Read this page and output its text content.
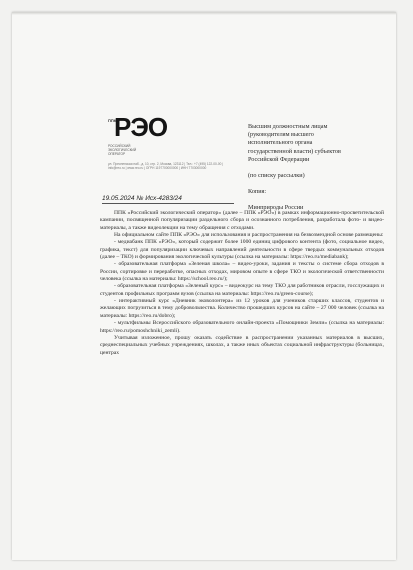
ППК
РЭО
РОССИЙСКИЙ ЭКОЛОГИЧЕСКИЙ ОПЕРАТОР
ул. Пресненская наб., д. 10, стр. 2, Москва, 123112 | Тел.: +7 (495) 122-00-00 | info@reo.ru | www.reo.ru | ОГРН 1197700000000 | ИНН 7703000000
Высшим должностным лицам
(руководителям высшего
исполнительного органа
государственной власти) субъектов
Российской Федерации
(по списку рассылки)
Копия:
Минприроды России
19.05.2024 № Исх-4283/24

ППК «Российский экологический оператор» (далее – ППК «РЭО») в рамках информационно-просветительской кампании, посвященной популяризации раздельного сбора и осознанного потребления, разработала фото- и видео-материалы, а также видеолекции на тему обращения с отходами.

На официальном сайте ППК «РЭО» для использования и распространения на безвозмездной основе размещены:

- медиабанк ППК «РЭО», который содержит более 1000 единиц цифрового контента (фото, социальное видео, графика, текст) для популяризации ключевых направлений деятельности в сфере твердых коммунальных отходов (далее – ТКО) и формирования экологической культуры (ссылка на материалы: https://reo.ru/mediabank);

- образовательная платформа «Зеленая школа» – видео-уроки, задания и тексты о системе сбора отходов в России, сортировке и переработке, опасных отходах, мировом опыте в сфере ТКО и экологической ответственности человека (ссылка на материалы: https://school.reo.ru/);

- образовательная платформа «Зеленый курс» – видеокурс на тему ТКО для работников отрасли, госслужащих и студентов профильных программ вузов (ссылка на материалы: https://reo.ru/green-course);

- интерактивный курс «Дневник эковолонтера» из 12 уроков для учеников старших классов, студентов и желающих погрузиться в тему добровольчества. Количество прошедших курсов на сайте – 27 000 человек (ссылка на материалы: https://reo.ru/dobro);

- мультфильмы Всероссийского образовательного онлайн-проекта «Помощники Земли» (ссылка на материалы: https://reo.ru/pomoshchniki_zemli).

Учитывая изложенное, прошу оказать содействие в распространении указанных материалов в высших, среднеспециальных учебных учреждениях, школах, а также иных объектах социальной инфраструктуры (больницах, центрах
